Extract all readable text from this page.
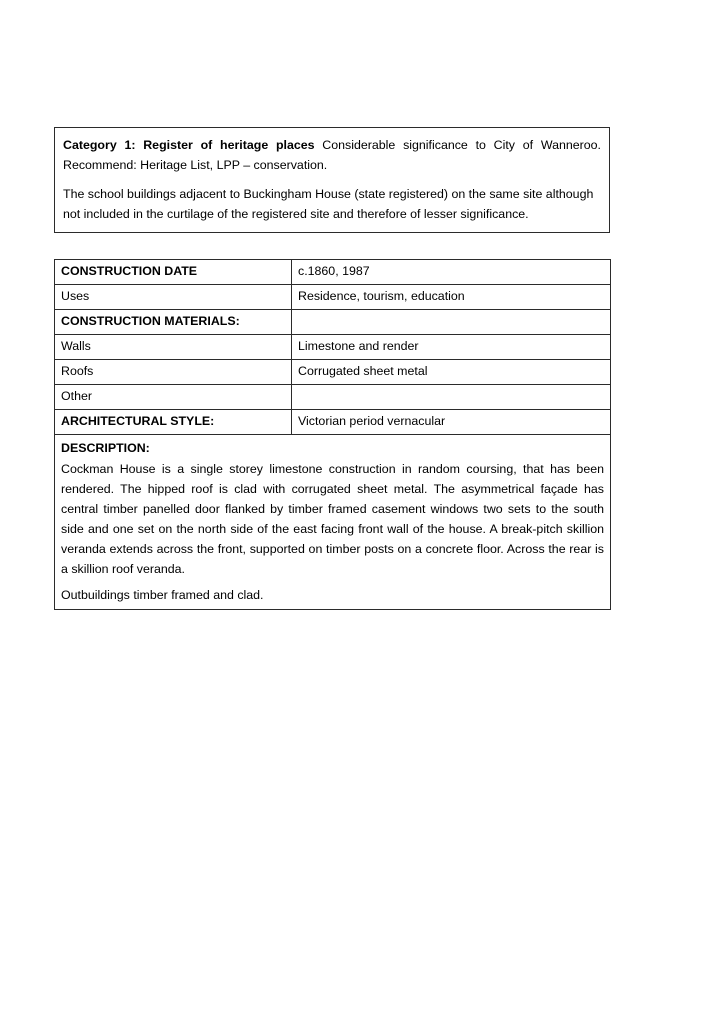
Category 1: Register of heritage places Considerable significance to City of Wanneroo. Recommend: Heritage List, LPP – conservation.

The school buildings adjacent to Buckingham House (state registered) on the same site although not included in the curtilage of the registered site and therefore of lesser significance.

CONSTRUCTION DATE	c.1860, 1987
Uses	Residence, tourism, education
CONSTRUCTION MATERIALS:	
Walls	Limestone and render
Roofs	Corrugated sheet metal
Other	
ARCHITECTURAL STYLE:	Victorian period vernacular

DESCRIPTION:

Cockman House is a single storey limestone construction in random coursing, that has been rendered. The hipped roof is clad with corrugated sheet metal. The asymmetrical façade has central timber panelled door flanked by timber framed casement windows two sets to the south side and one set on the north side of the east facing front wall of the house. A break-pitch skillion veranda extends across the front, supported on timber posts on a concrete floor. Across the rear is a skillion roof veranda.

Outbuildings timber framed and clad.	
